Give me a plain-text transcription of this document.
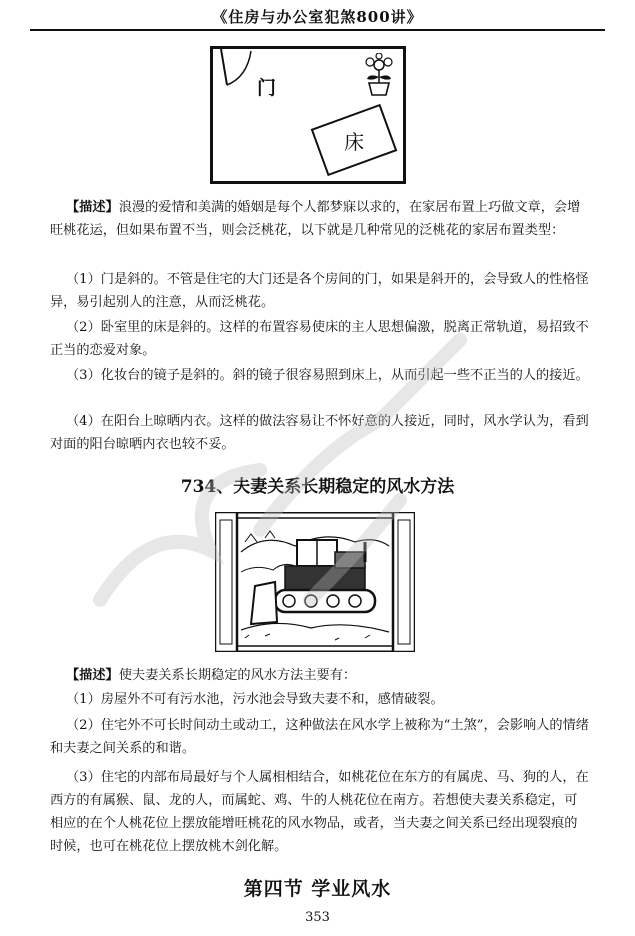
《住房与办公室犯煞800讲》
门
床

【描述】浪漫的爱情和美满的婚姻是每个人都梦寐以求的，在家居布置上巧做文章，会增旺桃花运，但如果布置不当，则会泛桃花，以下就是几种常见的泛桃花的家居布置类型：

（1）门是斜的。不管是住宅的大门还是各个房间的门，如果是斜开的，会导致人的性格怪异，易引起别人的注意，从而泛桃花。

（2）卧室里的床是斜的。这样的布置容易使床的主人思想偏激，脱离正常轨道，易招致不正当的恋爱对象。

（3）化妆台的镜子是斜的。斜的镜子很容易照到床上，从而引起一些不正当的人的接近。

（4）在阳台上晾晒内衣。这样的做法容易让不怀好意的人接近，同时，风水学认为，看到对面的阳台晾晒内衣也较不妥。

734、夫妻关系长期稳定的风水方法

【描述】使夫妻关系长期稳定的风水方法主要有：

（1）房屋外不可有污水池，污水池会导致夫妻不和，感情破裂。

（2）住宅外不可长时间动土或动工，这种做法在风水学上被称为“土煞”，会影响人的情绪和夫妻之间关系的和谐。

（3）住宅的内部布局最好与个人属相相结合，如桃花位在东方的有属虎、马、狗的人，在西方的有属猴、鼠、龙的人，而属蛇、鸡、牛的人桃花位在南方。若想使夫妻关系稳定，可相应的在个人桃花位上摆放能增旺桃花的风水物品，或者，当夫妻之间关系已经出现裂痕的时候，也可在桃花位上摆放桃木剑化解。

第四节 学业风水
353
